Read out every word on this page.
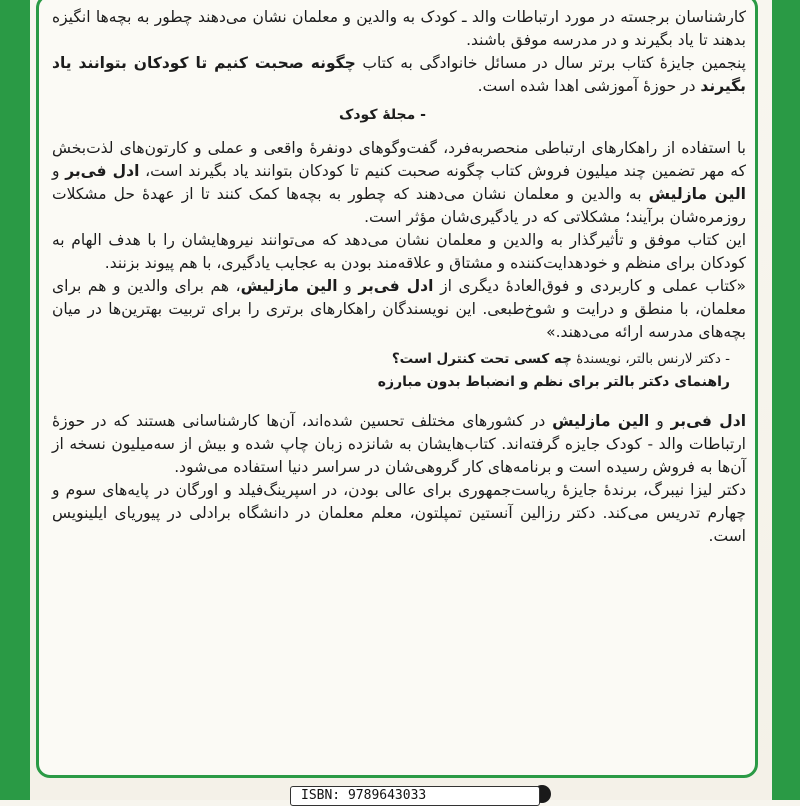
کارشناسان برجسته در مورد ارتباطات والد ـ کودک به والدین و معلمان نشان می‌دهند چطور به بچه‌ها انگیزه بدهند تا یاد بگیرند و در مدرسه موفق باشند.

پنجمین جایزۀ کتاب برتر سال در مسائل خانوادگی به کتاب چگونه صحبت کنیم تا کودکان بتوانند یاد بگیرند در حوزۀ آموزشی اهدا شده است.

- مجلۀ کودک

با استفاده از راهکارهای ارتباطی منحصربه‌فرد، گفت‌وگوهای دونفرۀ واقعی و عملی و کارتون‌های لذت‌بخش که مهر تضمین چند میلیون فروش کتاب چگونه صحبت کنیم تا کودکان بتوانند یاد بگیرند است، ادل فی‌بر و الین مازلیش به والدین و معلمان نشان می‌دهند که چطور به بچه‌ها کمک کنند تا از عهدۀ حل مشکلات روزمره‌شان برآیند؛ مشکلاتی که در یادگیری‌شان مؤثر است.

این کتاب موفق و تأثیرگذار به والدین و معلمان نشان می‌دهد که می‌توانند نیروهایشان را با هدف الهام به کودکان برای منظم و خودهدایت‌کننده و مشتاق و علاقه‌مند بودن به عجایب یادگیری، با هم پیوند بزنند.

«کتاب عملی و کاربردی و فوق‌العادۀ دیگری از ادل فی‌بر و الین مازلیش، هم برای والدین و هم برای معلمان، با منطق و درایت و شوخ‌طبعی. این نویسندگان راهکارهای برتری را برای تربیت بهترین‌ها در میان بچه‌های مدرسه ارائه می‌دهند.»

- دکتر لارنس بالتر، نویسندۀ چه کسی تحت کنترل است؟

راهنمای دکتر بالتر برای نظم و انضباط بدون مبارزه

ادل فی‌بر و الین مازلیش در کشورهای مختلف تحسین شده‌اند، آن‌ها کارشناسانی هستند که در حوزۀ ارتباطات والد - کودک جایزه گرفته‌اند. کتاب‌هایشان به شانزده زبان چاپ شده و بیش از سه‌میلیون نسخه از آن‌ها به فروش رسیده است و برنامه‌های کار گروهی‌شان در سراسر دنیا استفاده می‌شود.

دکتر لیزا نیبرگ، برندۀ جایزۀ ریاست‌جمهوری برای عالی بودن، در اسپرینگ‌فیلد و اورگان در پایه‌های سوم و چهارم تدریس می‌کند. دکتر رزالین آنستین تمپلتون، معلم معلمان در دانشگاه برادلی در پیوریای ایلینویس است.

ISBN: 9789643033
